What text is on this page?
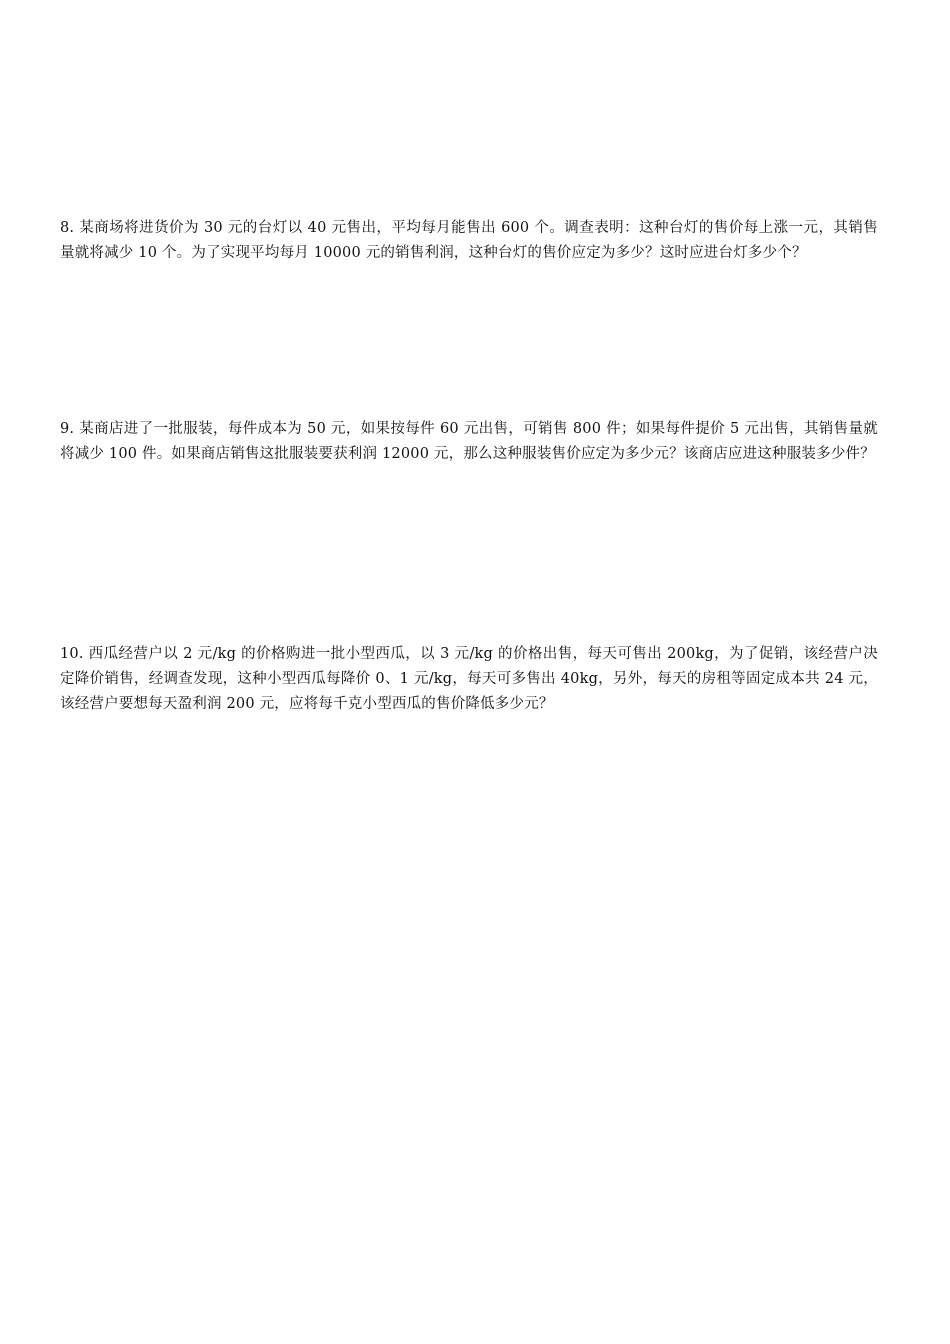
8. 某商场将进货价为 30 元的台灯以 40 元售出，平均每月能售出 600 个。调查表明：这种台灯的售价每上涨一元，其销售量就将减少 10 个。为了实现平均每月 10000 元的销售利润，这种台灯的售价应定为多少？这时应进台灯多少个？

9. 某商店进了一批服装，每件成本为 50 元，如果按每件 60 元出售，可销售 800 件；如果每件提价 5 元出售，其销售量就将减少 100 件。如果商店销售这批服装要获利润 12000 元，那么这种服装售价应定为多少元？该商店应进这种服装多少件？

10. 西瓜经营户以 2 元/kg 的价格购进一批小型西瓜，以 3 元/kg 的价格出售，每天可售出 200kg，为了促销，该经营户决定降价销售，经调查发现，这种小型西瓜每降价 0、1 元/kg，每天可多售出 40kg，另外，每天的房租等固定成本共 24 元，该经营户要想每天盈利润 200 元，应将每千克小型西瓜的售价降低多少元？
